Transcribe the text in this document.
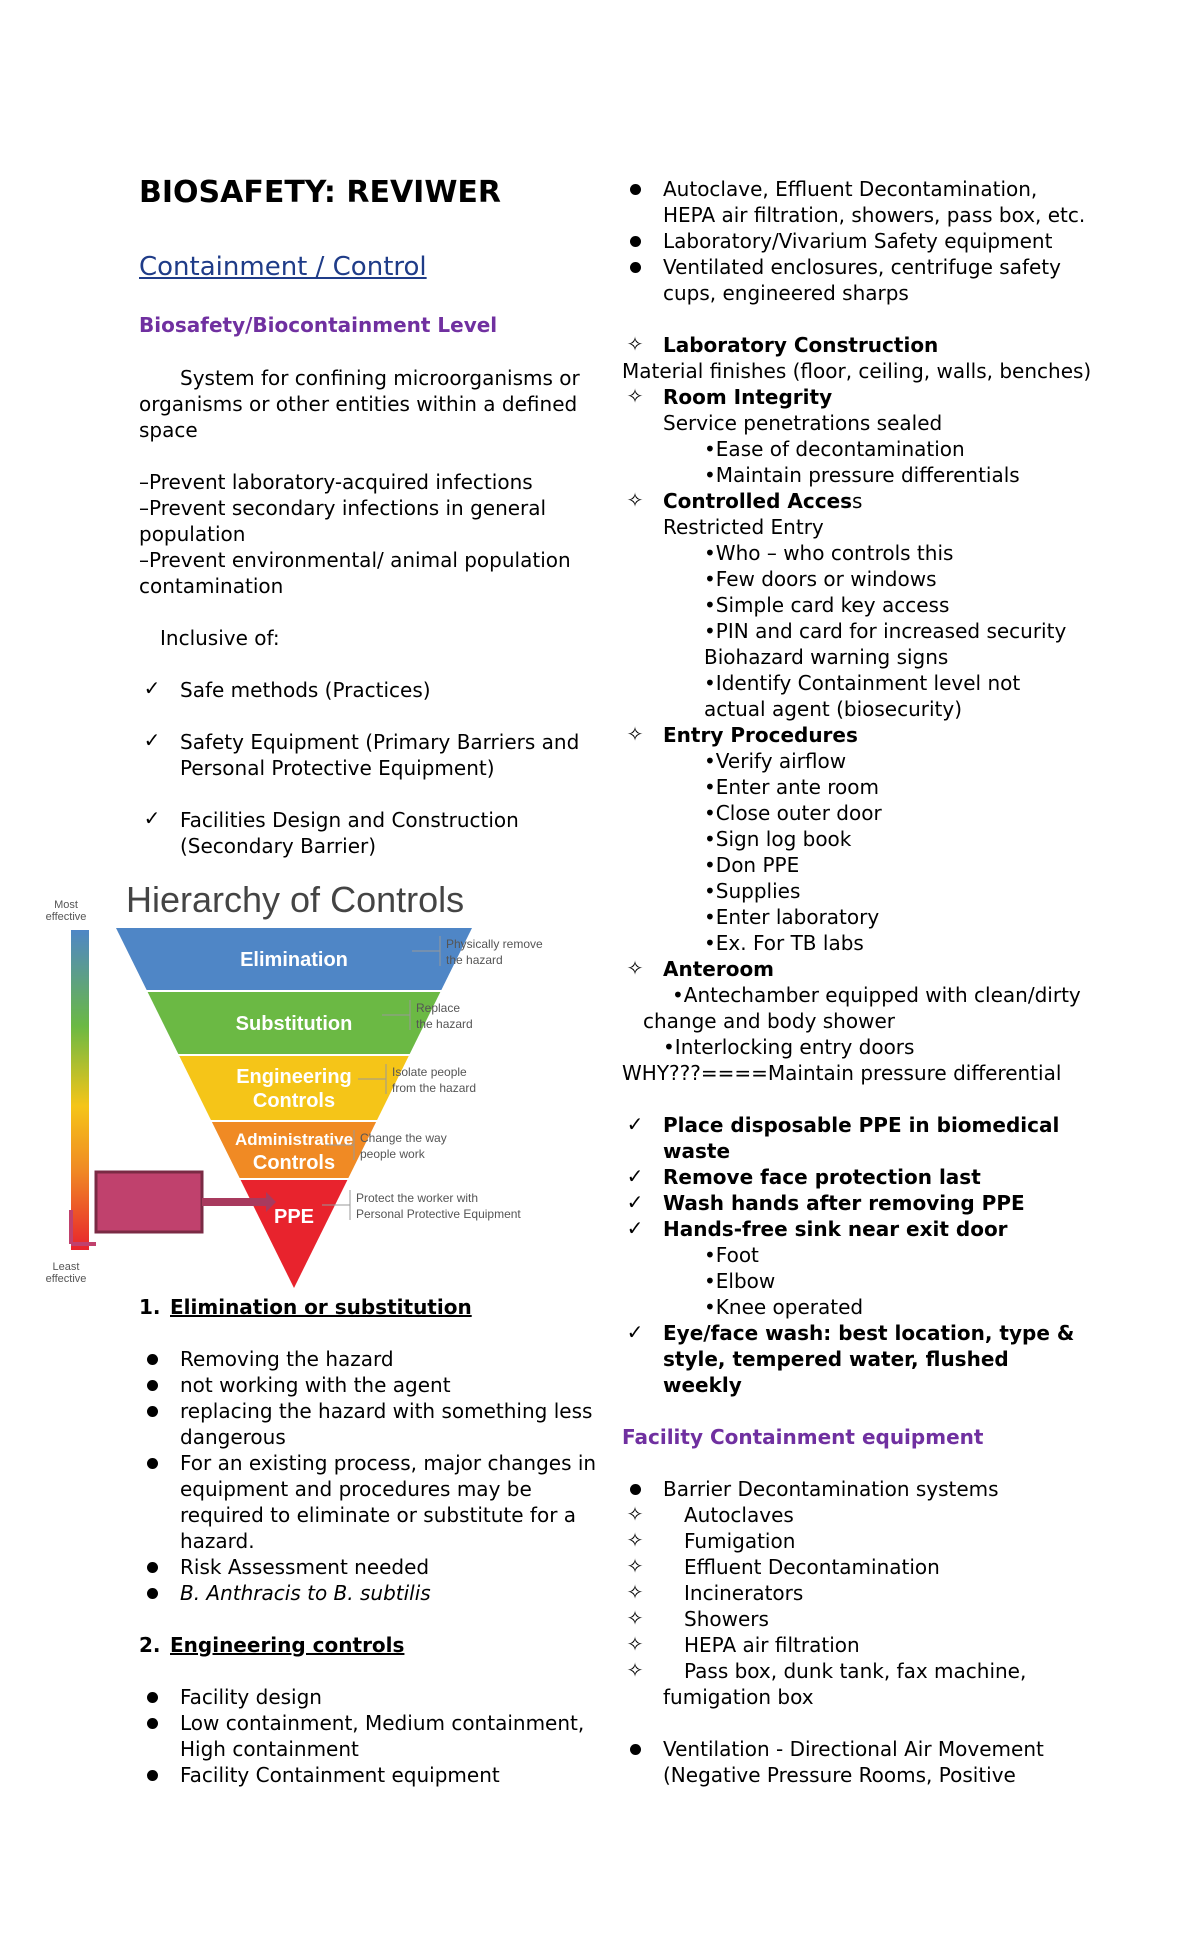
BIOSAFETY: REVIWER
Containment / Control
Biosafety/Biocontainment Level
System for confining microorganisms or
organisms or other entities within a defined
space
–Prevent laboratory-acquired infections
–Prevent secondary infections in general
population
–Prevent environmental/ animal population
contamination
Inclusive of:
✓ Safe methods (Practices)
✓ Safety Equipment (Primary Barriers and
Personal Protective Equipment)
✓ Facilities Design and Construction
(Secondary Barrier)
1. Elimination or substitution
Removing the hazard
not working with the agent
replacing the hazard with something less
dangerous
For an existing process, major changes in
equipment and procedures may be
required to eliminate or substitute for a
hazard.
Risk Assessment needed
B. Anthracis to B. subtilis
2. Engineering controls
Facility design
Low containment, Medium containment,
High containment
Facility Containment equipment
Most
effective
Least
effective
Hierarchy of Controls
Elimination
Physically remove
the hazard
Substitution
Replace
the hazard
Engineering
Controls
Isolate people
from the hazard
Administrative
Controls
Change the way
people work
PPE
Protect the worker with
Personal Protective Equipment
Autoclave, Effluent Decontamination,
HEPA air filtration, showers, pass box, etc.
Laboratory/Vivarium Safety equipment
Ventilated enclosures, centrifuge safety
cups, engineered sharps
✧ Laboratory Construction
Material finishes (floor, ceiling, walls, benches)
✧ Room Integrity
Service penetrations sealed
•Ease of decontamination
•Maintain pressure differentials
✧ Controlled Access
Restricted Entry
•Who – who controls this
•Few doors or windows
•Simple card key access
•PIN and card for increased security
Biohazard warning signs
•Identify Containment level not
actual agent (biosecurity)
✧ Entry Procedures
•Verify airflow
•Enter ante room
•Close outer door
•Sign log book
•Don PPE
•Supplies
•Enter laboratory
•Ex. For TB labs
✧ Anteroom
•Antechamber equipped with clean/dirty
change and body shower
•Interlocking entry doors
WHY???====Maintain pressure differential
✓ Place disposable PPE in biomedical
waste
✓ Remove face protection last
✓ Wash hands after removing PPE
✓ Hands-free sink near exit door
•Foot
•Elbow
•Knee operated
✓ Eye/face wash: best location, type &
style, tempered water, flushed
weekly
Facility Containment equipment
Barrier Decontamination systems
✧ Autoclaves
✧ Fumigation
✧ Effluent Decontamination
✧ Incinerators
✧ Showers
✧ HEPA air filtration
✧ Pass box, dunk tank, fax machine,
fumigation box
Ventilation - Directional Air Movement
(Negative Pressure Rooms, Positive
